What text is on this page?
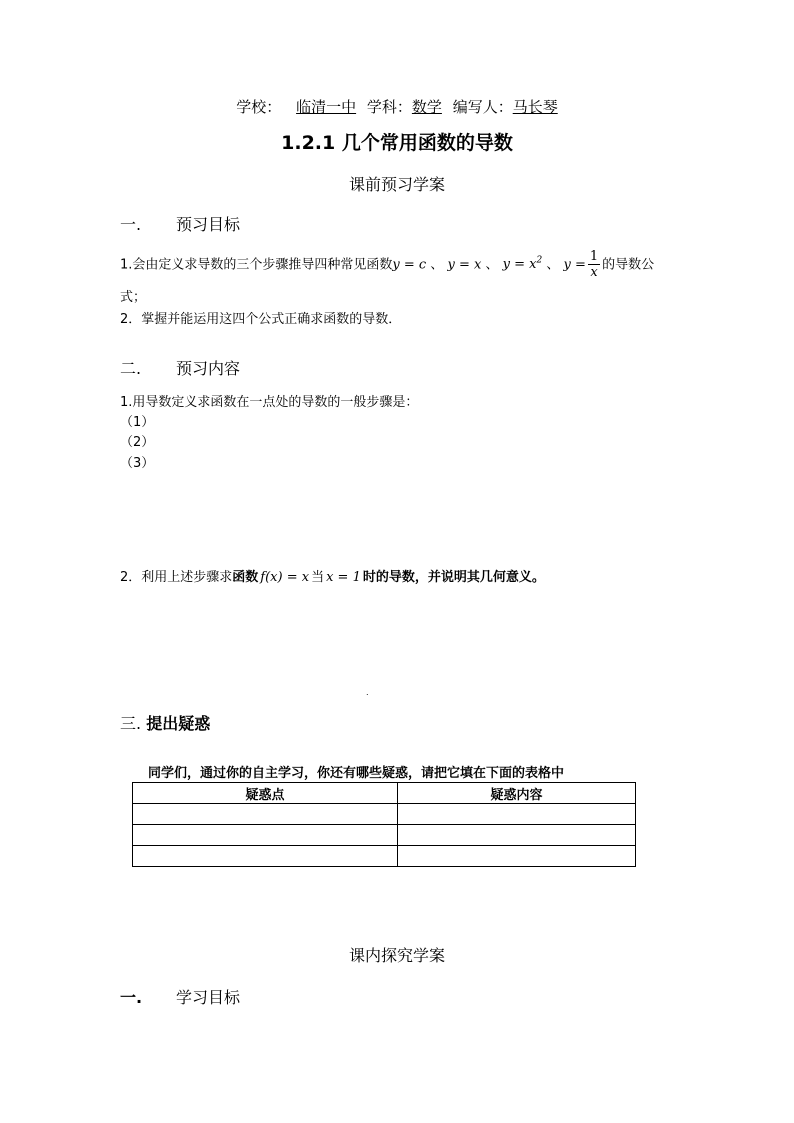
学校： 临清一中 学科：数学 编写人：马长琴
1.2.1 几个常用函数的导数
课前预习学案
一. 预习目标
1.会由定义求导数的三个步骤推导四种常见函数y = c 、 y = x 、 $y = x^2$ 、 $y = \frac{1}{x}$ 的导数公
式；
2．掌握并能运用这四个公式正确求函数的导数．
二. 预习内容
1.用导数定义求函数在一点处的导数的一般步骤是：
（1）
（2）
（3）
2．利用上述步骤求函数 f(x) = x 当 x = 1 时的导数，并说明其几何意义。
.
三. 提出疑惑
同学们，通过你的自主学习，你还有哪些疑惑，请把它填在下面的表格中
疑惑点	疑惑内容

课内探究学案
一. 学习目标
